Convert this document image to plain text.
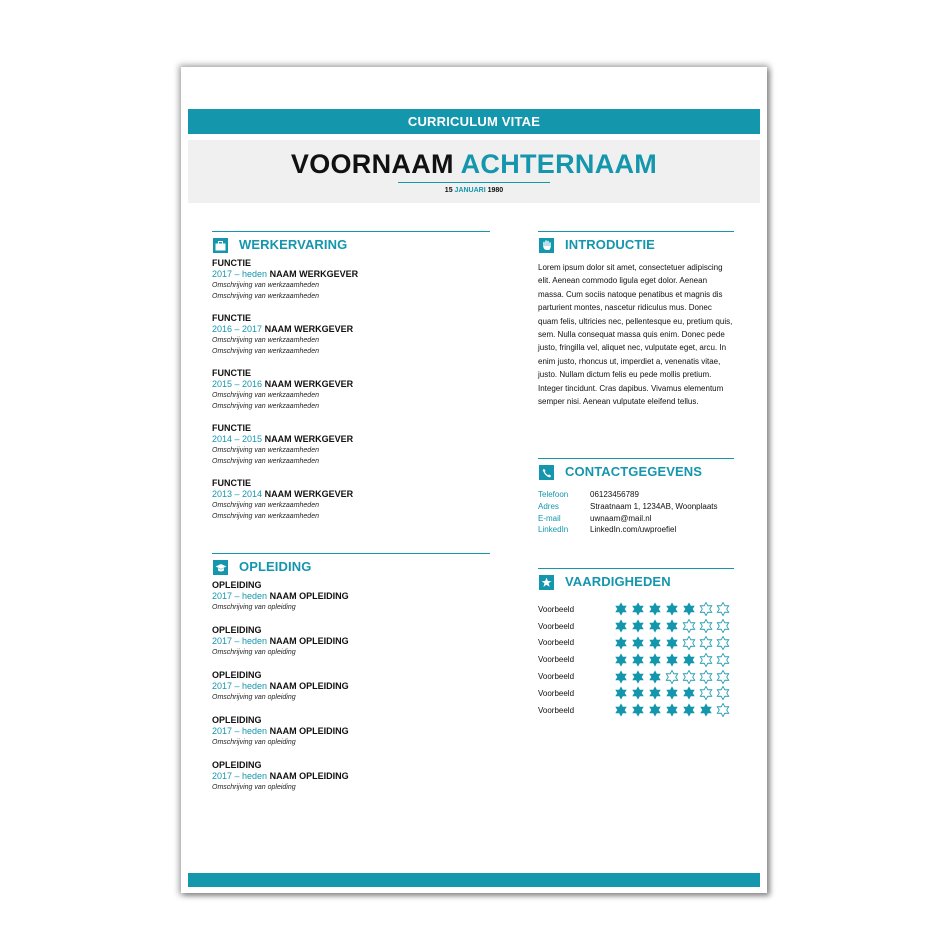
CURRICULUM VITAE
VOORNAAM ACHTERNAAM
15 JANUARI 1980
WERKERVARING
FUNCTIE
2017 – heden NAAM WERKGEVER
Omschrijving van werkzaamheden
Omschrijving van werkzaamheden
FUNCTIE
2016 – 2017 NAAM WERKGEVER
Omschrijving van werkzaamheden
Omschrijving van werkzaamheden
FUNCTIE
2015 – 2016 NAAM WERKGEVER
Omschrijving van werkzaamheden
Omschrijving van werkzaamheden
FUNCTIE
2014 – 2015 NAAM WERKGEVER
Omschrijving van werkzaamheden
Omschrijving van werkzaamheden
FUNCTIE
2013 – 2014 NAAM WERKGEVER
Omschrijving van werkzaamheden
Omschrijving van werkzaamheden
OPLEIDING
OPLEIDING
2017 – heden NAAM OPLEIDING
Omschrijving van opleiding
OPLEIDING
2017 – heden NAAM OPLEIDING
Omschrijving van opleiding
OPLEIDING
2017 – heden NAAM OPLEIDING
Omschrijving van opleiding
OPLEIDING
2017 – heden NAAM OPLEIDING
Omschrijving van opleiding
OPLEIDING
2017 – heden NAAM OPLEIDING
Omschrijving van opleiding
INTRODUCTIE
Lorem ipsum dolor sit amet, consectetuer adipiscing elit. Aenean commodo ligula eget dolor. Aenean massa. Cum sociis natoque penatibus et magnis dis parturient montes, nascetur ridiculus mus. Donec quam felis, ultricies nec, pellentesque eu, pretium quis, sem. Nulla consequat massa quis enim. Donec pede justo, fringilla vel, aliquet nec, vulputate eget, arcu. In enim justo, rhoncus ut, imperdiet a, venenatis vitae, justo. Nullam dictum felis eu pede mollis pretium. Integer tincidunt. Cras dapibus. Vivamus elementum semper nisi. Aenean vulputate eleifend tellus.
CONTACTGEGEVENS
Telefoon	06123456789
Adres	Straatnaam 1, 1234AB, Woonplaats
E-mail	uwnaam@mail.nl
LinkedIn	LinkedIn.com/uwproefiel
VAARDIGHEDEN
Voorbeeld
Voorbeeld
Voorbeeld
Voorbeeld
Voorbeeld
Voorbeeld
Voorbeeld
